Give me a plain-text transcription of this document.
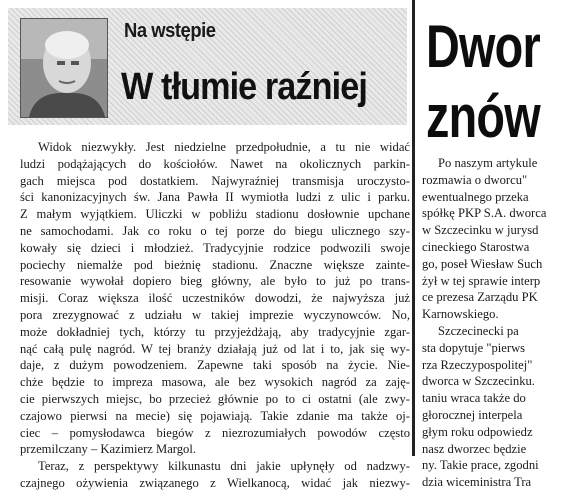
Na wstępie
W tłumie raźniej
Widok niezwykły. Jest niedzielne przedpołudnie, a tu nie widać
ludzi podążających do kościołów. Nawet na okolicznych parkin-
gach miejsca pod dostatkiem. Najwyraźniej transmisja uroczysto-
ści kanonizacyjnych św. Jana Pawła II wymiotła ludzi z ulic i parku.
Z małym wyjątkiem. Uliczki w pobliżu stadionu dosłownie upchane
ne samochodami. Jak co roku o tej porze do biegu ulicznego szy-
kowały się dzieci i młodzież. Tradycyjnie rodzice podwozili swoje
pociechy niemalże pod bieżnię stadionu. Znaczne większe zainte-
resowanie wywołał dopiero bieg główny, ale było to już po trans-
misji. Coraz większa ilość uczestników dowodzi, że najwyższa już
pora zrezygnować z udziału w takiej imprezie wyczynowców. No,
może dokładniej tych, którzy tu przyjeżdżają, aby tradycyjnie zgar-
nąć całą pulę nagród. W tej branży działają już od lat i to, jak się wy-
daje, z dużym powodzeniem. Zapewne taki sposób na życie. Nie-
chże będzie to impreza masowa, ale bez wysokich nagród za zaję-
cie pierwszych miejsc, bo przecież głównie po to ci ostatni (ale zwy-
czajowo pierwsi na mecie) się pojawiają. Takie zdanie ma także oj-
ciec – pomysłodawca biegów z niezrozumiałych powodów często
przemilczany – Kazimierz Margol.
Teraz, z perspektywy kilkunastu dni jakie upłynęły od nadzwy-
czajnego ożywienia związanego z Wielkanocą, widać jak niezwy-
Dwor
znów
Po naszym artykule
rozmawia o dworcu"
ewentualnego przeka
spółkę PKP S.A. dworca
w Szczecinku w jurysd
cineckiego Starostwa
go, poseł Wiesław Such
żył w tej sprawie interp
ce prezesa Zarządu PK
Karnowskiego.
Szczecinecki pa
sta dopytuje "pierws
rza Rzeczypospolitej"
dworca w Szczecinku.
taniu wraca także do
głorocznej interpela
głym roku odpowiedz
nasz dworzec będzie
ny. Takie prace, zgodni
dzia wiceministra Tra
